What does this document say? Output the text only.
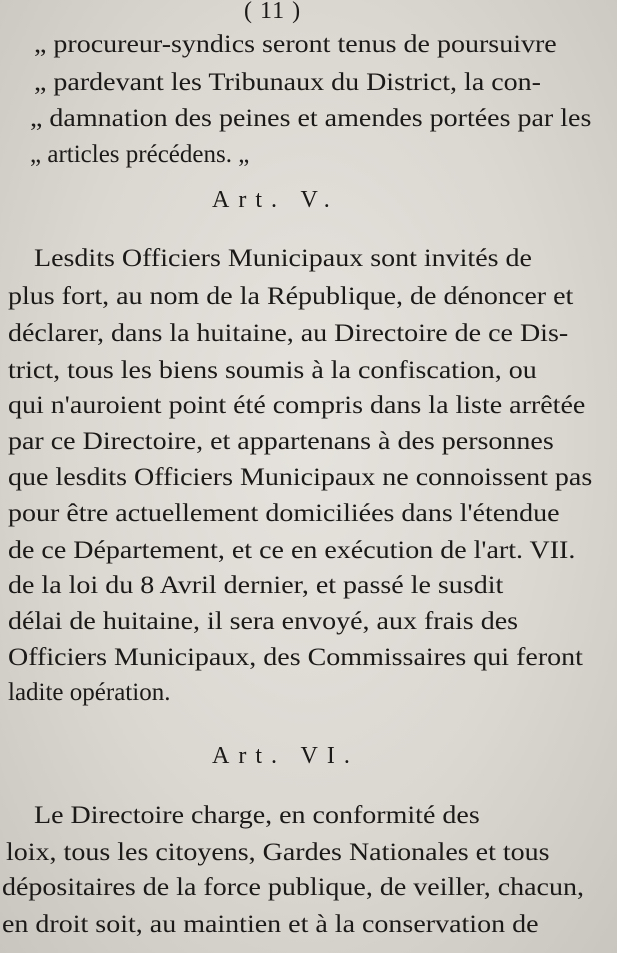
( 11 )
„ procureur-syndics seront tenus de poursuivre
„ pardevant les Tribunaux du District, la con-
„ damnation des peines et amendes portées par les
„ articles précédens. „
Art. V.
Lesdits Officiers Municipaux sont invités de
plus fort, au nom de la République, de dénoncer et
déclarer, dans la huitaine, au Directoire de ce Dis-
trict, tous les biens soumis à la confiscation, ou
qui n'auroient point été compris dans la liste arrêtée
par ce Directoire, et appartenans à des personnes
que lesdits Officiers Municipaux ne connoissent pas
pour être actuellement domiciliées dans l'étendue
de ce Département, et ce en exécution de l'art. VII.
de la loi du 8 Avril dernier, et passé le susdit
délai de huitaine, il sera envoyé, aux frais des
Officiers Municipaux, des Commissaires qui feront
ladite opération.
Art. VI.
Le Directoire charge, en conformité des
loix, tous les citoyens, Gardes Nationales et tous
dépositaires de la force publique, de veiller, chacun,
en droit soit, au maintien et à la conservation de
